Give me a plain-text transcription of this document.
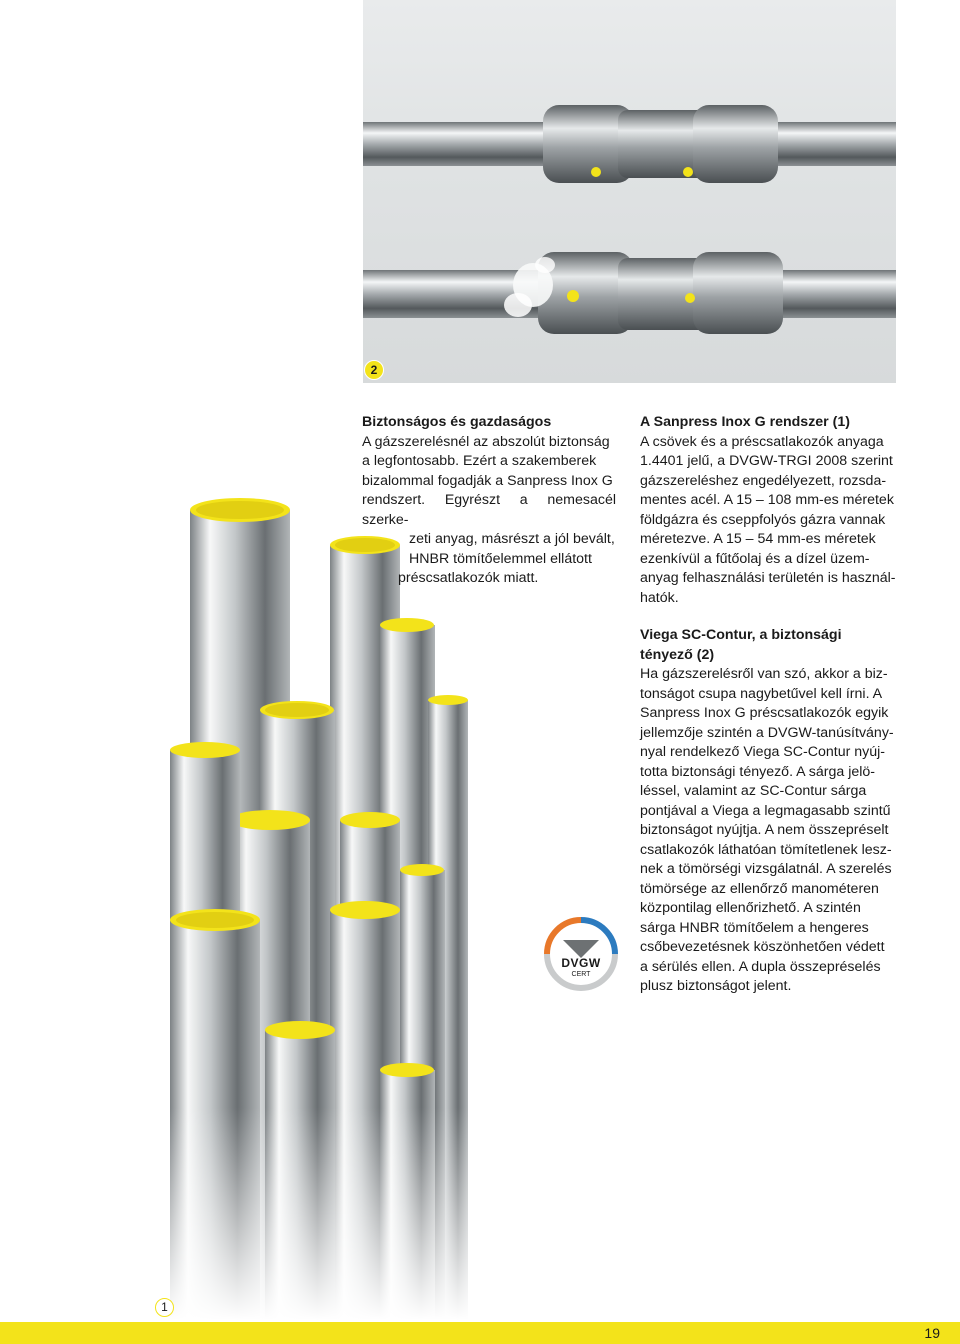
2
1

Biztonságos és gazdaságos

A gázszerelésnél az abszolút biztonság

a legfontosabb. Ezért a szakemberek

bizalommal fogadják a Sanpress Inox G

rendszert. Egyrészt a nemesacél szerke-

zeti anyag, másrészt a jól bevált,

HNBR tömítőelemmel ellátott

préscsatlakozók miatt.

A Sanpress Inox G rendszer (1)

A csövek és a préscsatlakozók anyaga

1.4401 jelű, a DVGW-TRGI 2008 szerint

gázszereléshez engedélyezett, rozsda-

mentes acél. A 15 – 108 mm-es méretek

földgázra és cseppfolyós gázra vannak

méretezve. A 15 – 54 mm-es méretek

ezenkívül a fűtőolaj és a dízel üzem-

anyag felhasználási területén is használ-

hatók.

Viega SC-Contur, a biztonsági

tényező (2)

Ha gázszerelésről van szó, akkor a biz-

tonságot csupa nagybetűvel kell írni. A

Sanpress Inox G préscsatlakozók egyik

jellemzője szintén a DVGW-tanúsítvány-

nyal rendelkező Viega SC-Contur nyúj-

totta biztonsági tényező. A sárga jelö-

léssel, valamint az SC-Contur sárga

pontjával a Viega a legmagasabb szintű

biztonságot nyújtja. A nem összepréselt

csatlakozók láthatóan tömítetlenek lesz-

nek a tömörségi vizsgálatnál. A szerelés

tömörsége az ellenőrző manométeren

központilag ellenőrizhető. A szintén

sárga HNBR tömítőelem a hengeres

csőbevezetésnek köszönhetően védett

a sérülés ellen. A dupla összepréselés

plusz biztonságot jelent.

DVGW
CERT
19
